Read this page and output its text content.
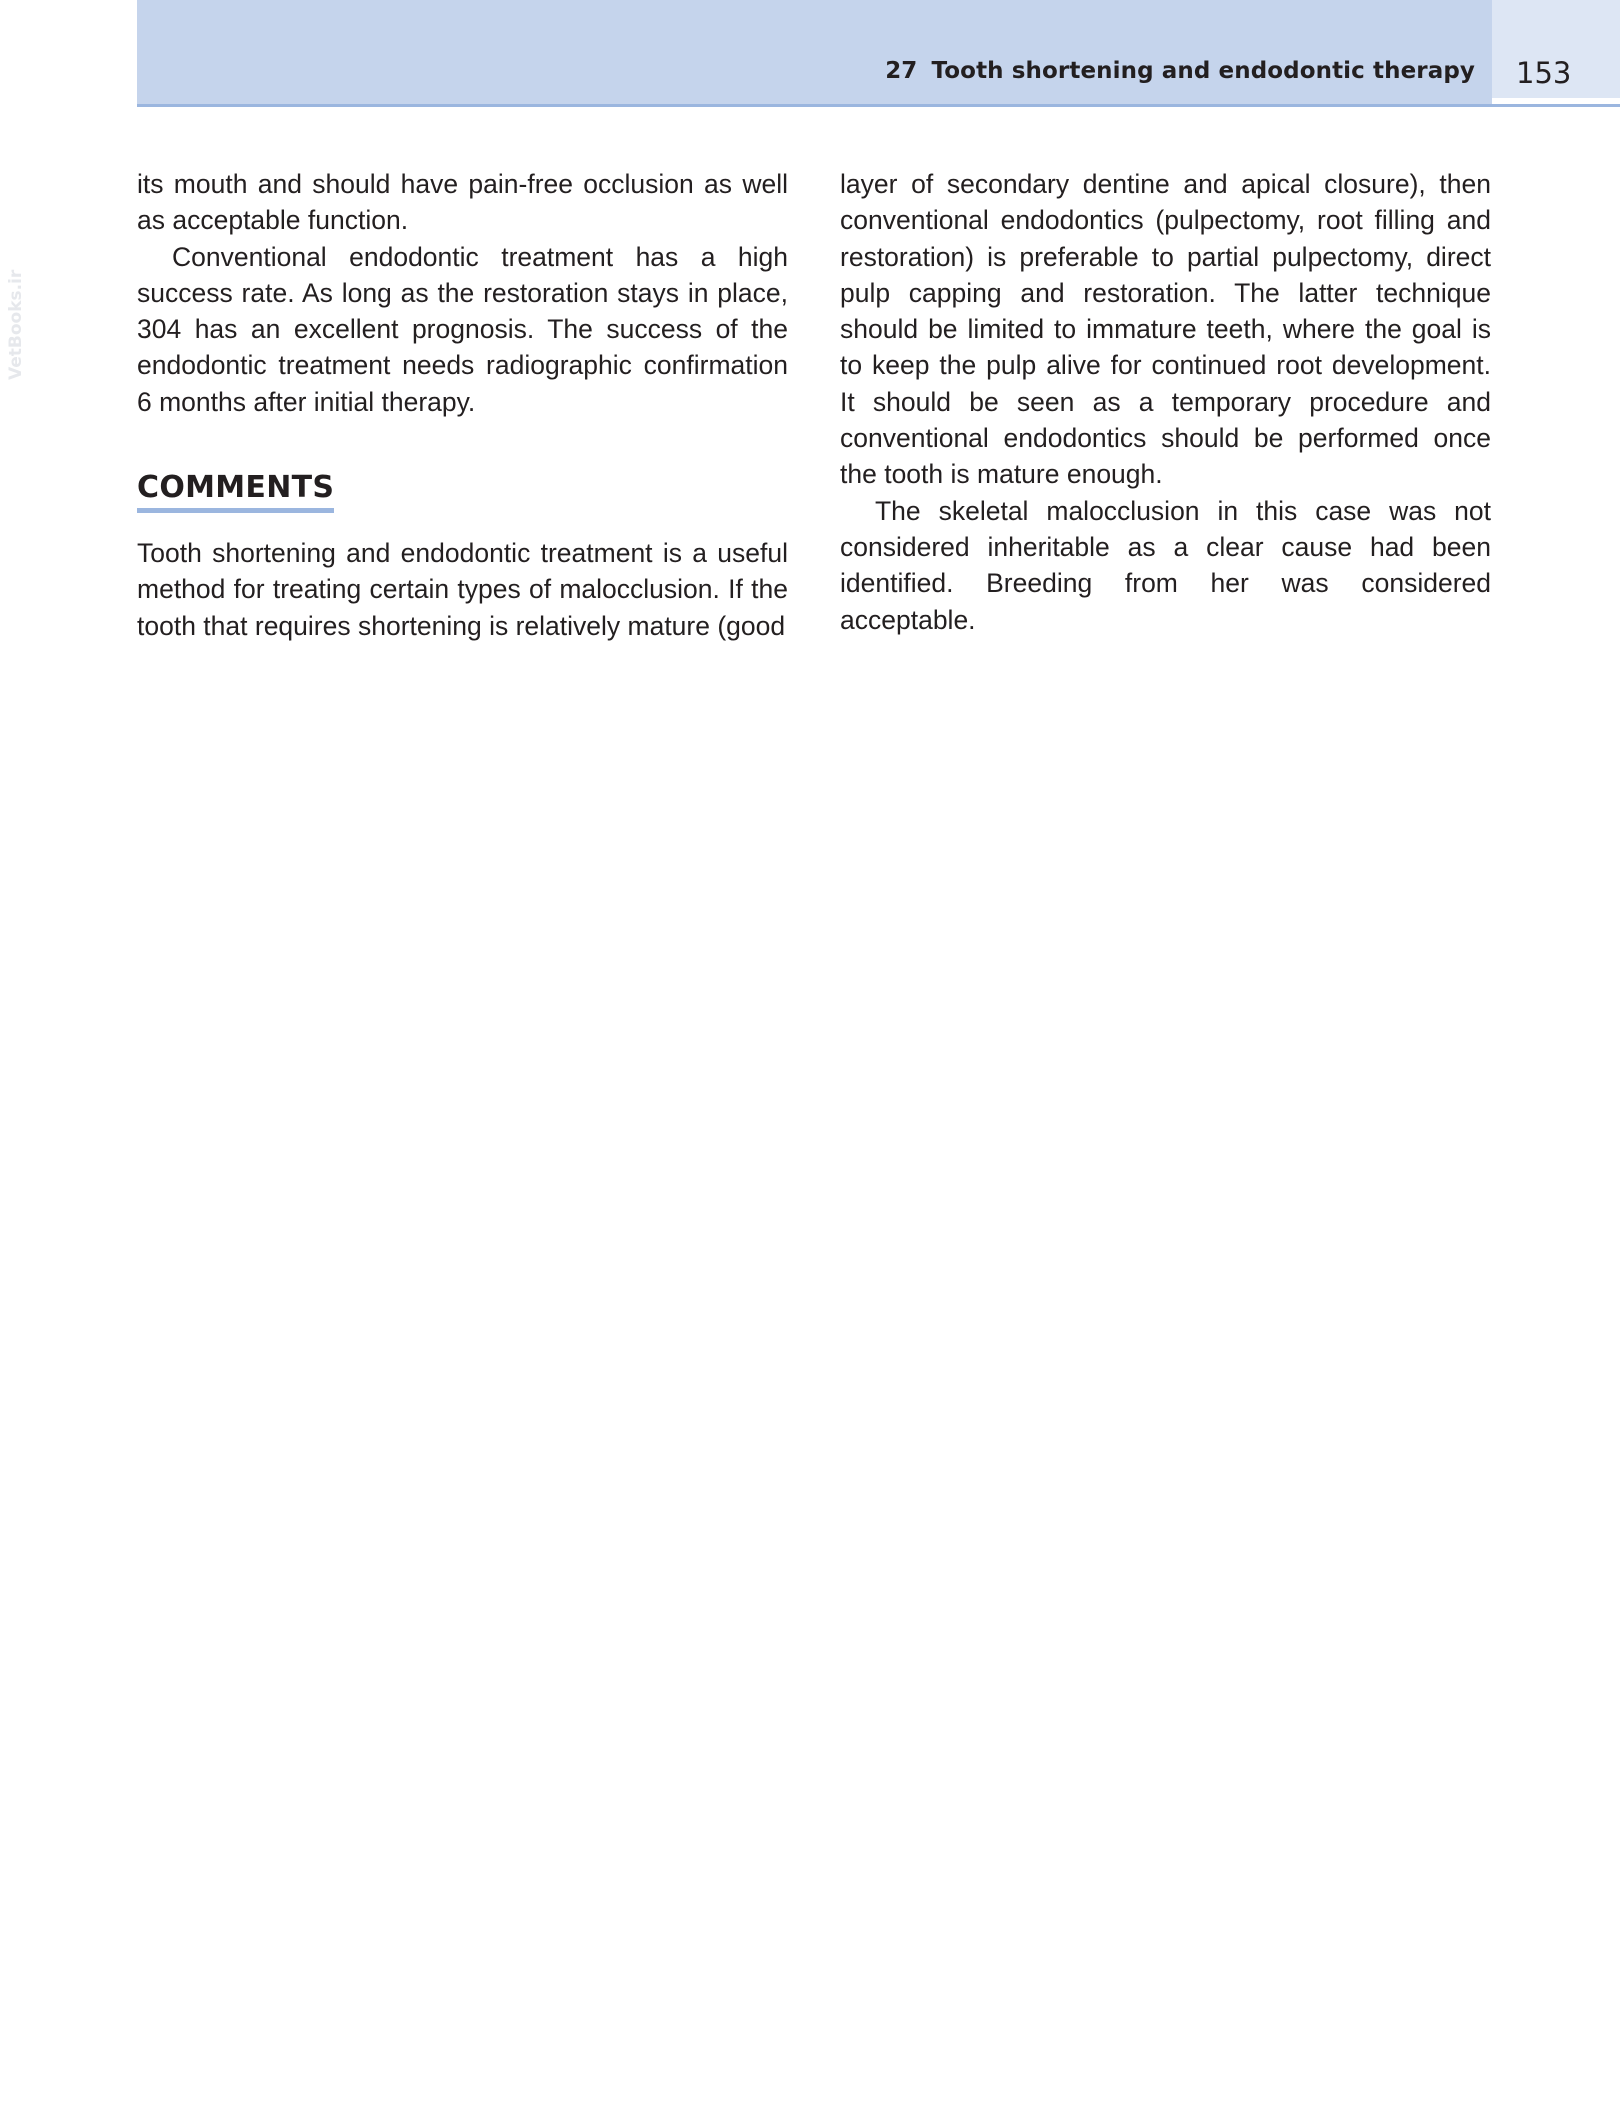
27 Tooth shortening and endodontic therapy 153
VetBooks.ir

its mouth and should have pain-free occlusion as well as acceptable function.

Conventional endodontic treatment has a high success rate. As long as the restoration stays in place, 304 has an excellent prognosis. The success of the endodontic treatment needs radiographic confirmation 6 months after initial therapy.

COMMENTS

Tooth shortening and endodontic treatment is a useful method for treating certain types of malocclusion. If the tooth that requires shortening is relatively mature (good

layer of secondary dentine and apical closure), then conventional endodontics (pulpectomy, root filling and restoration) is preferable to partial pulpectomy, direct pulp capping and restoration. The latter technique should be limited to immature teeth, where the goal is to keep the pulp alive for continued root development. It should be seen as a temporary procedure and conventional endodontics should be performed once the tooth is mature enough.

The skeletal malocclusion in this case was not considered inheritable as a clear cause had been identified. Breeding from her was considered acceptable.
